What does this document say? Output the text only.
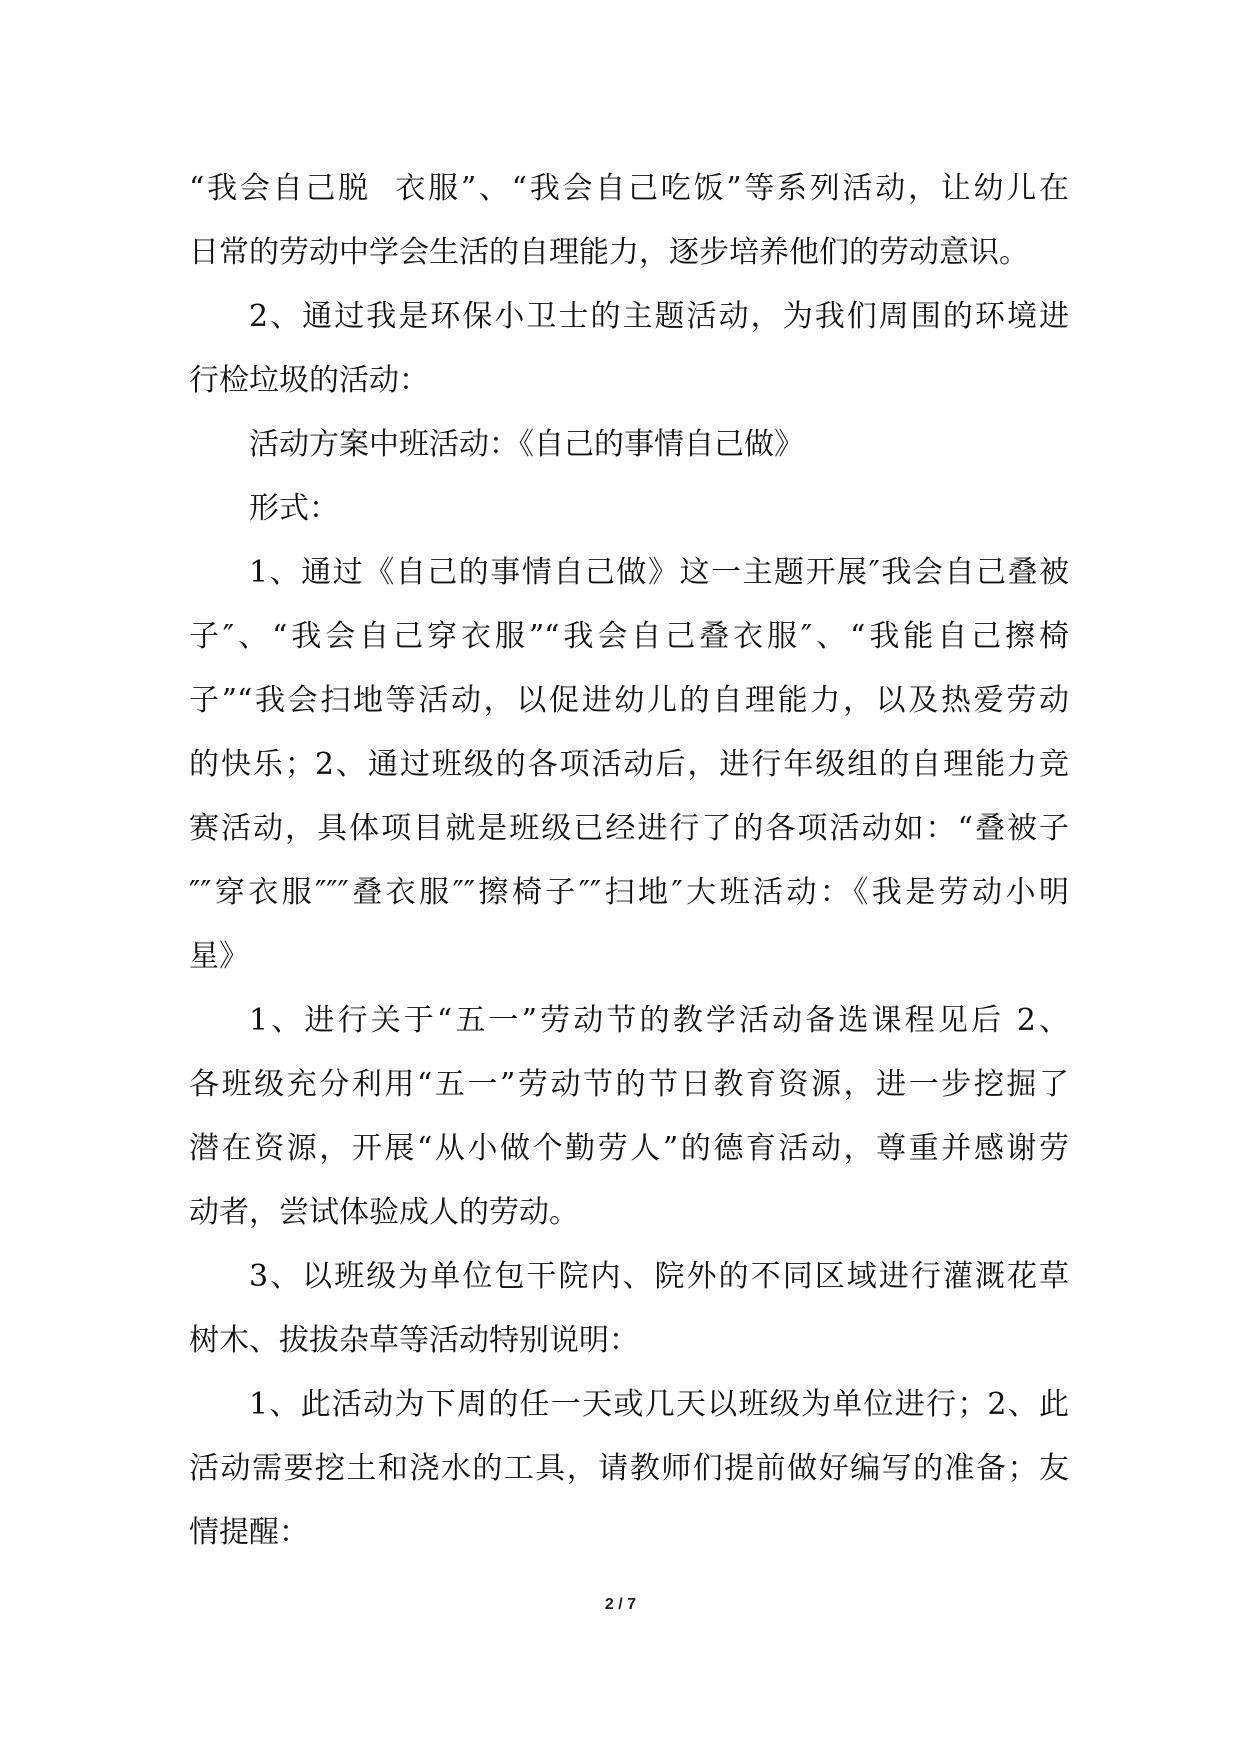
“我会自己脱  衣服”、“我会自己吃饭”等系列活动，让幼儿在

日常的劳动中学会生活的自理能力，逐步培养他们的劳动意识。

2、通过我是环保小卫士的主题活动，为我们周围的环境进

行检垃圾的活动：

活动方案中班活动：《自己的事情自己做》

形式：

1、通过《自己的事情自己做》这一主题开展″我会自己叠被

子″、“我会自己穿衣服”“我会自己叠衣服″、“我能自己擦椅

子”“我会扫地等活动，以促进幼儿的自理能力，以及热爱劳动

的快乐；2、通过班级的各项活动后，进行年级组的自理能力竞

赛活动，具体项目就是班级已经进行了的各项活动如：“叠被子

″″穿衣服″″″叠衣服″″擦椅子″″扫地″大班活动：《我是劳动小明

星》

1、进行关于“五一”劳动节的教学活动备选课程见后 2、

各班级充分利用“五一”劳动节的节日教育资源，进一步挖掘了

潜在资源，开展“从小做个勤劳人”的德育活动，尊重并感谢劳

动者，尝试体验成人的劳动。

3、以班级为单位包干院内、院外的不同区域进行灌溉花草

树木、拔拔杂草等活动特别说明：

1、此活动为下周的任一天或几天以班级为单位进行；2、此

活动需要挖土和浇水的工具，请教师们提前做好编写的准备；友

情提醒：

2 / 7
